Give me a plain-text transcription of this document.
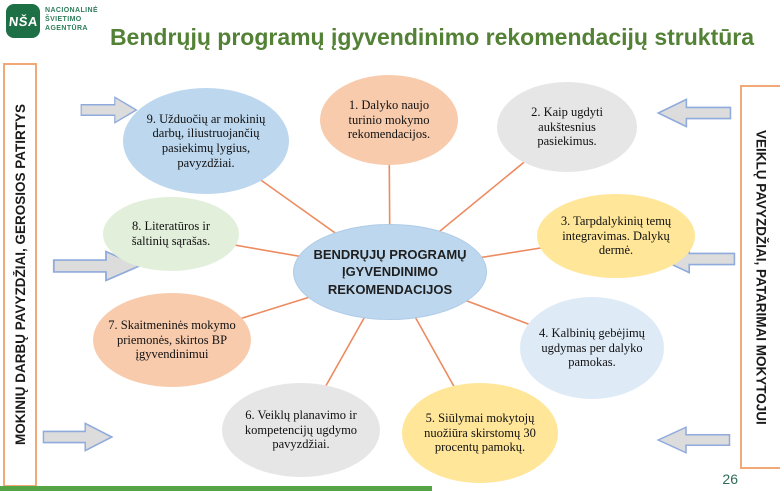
NŠA
NACIONALINĖ
ŠVIETIMO
AGENTŪRA Bendrųjų programų įgyvendinimo rekomendacijų struktūra
MOKINIŲ DARBŲ PAVYZDŽIAI, GEROSIOS PATIRTYS	VEIKLŲ PAVYZDŽIAI, PATARIMAI MOKYTOJUI
BENDRŲJŲ PROGRAMŲ ĮGYVENDINIMO REKOMENDACIJOS
1. Dalyko naujo turinio mokymo rekomendacijos.
2. Kaip ugdyti aukštesnius pasiekimus.
3. Tarpdalykinių temų integravimas. Dalykų dermė.
4. Kalbinių gebėjimų ugdymas per dalyko pamokas.
5. Siūlymai mokytojų nuožiūra skirstomų 30 procentų pamokų.
6. Veiklų planavimo ir kompetencijų ugdymo pavyzdžiai.
7. Skaitmeninės mokymo priemonės, skirtos BP įgyvendinimui
8. Literatūros ir šaltinių sąrašas.
9. Užduočių ar mokinių darbų, iliustruojančių pasiekimų lygius, pavyzdžiai.
26
